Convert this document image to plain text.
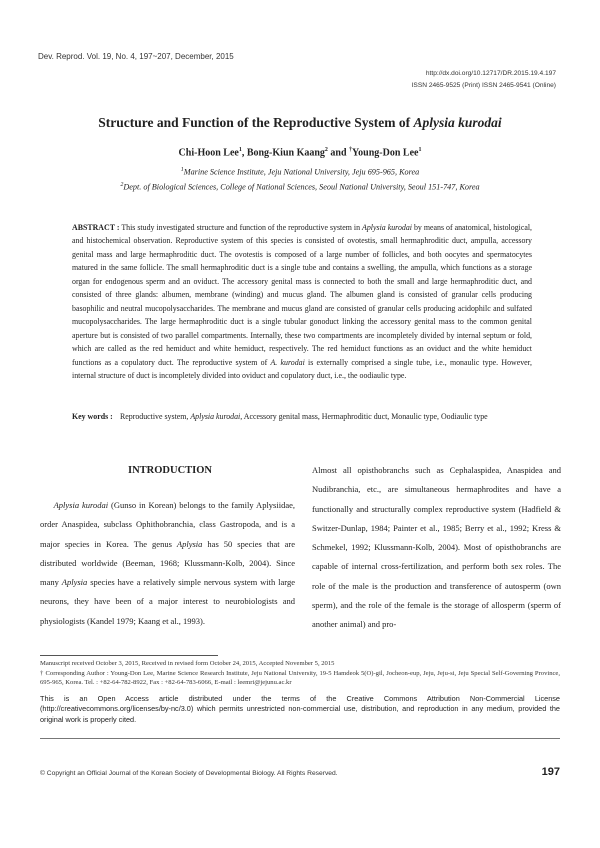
Dev. Reprod. Vol. 19, No. 4, 197~207, December, 2015
http://dx.doi.org/10.12717/DR.2015.19.4.197
ISSN 2465-9525 (Print) ISSN 2465-9541 (Online)
Structure and Function of the Reproductive System of Aplysia kurodai
Chi-Hoon Lee$^1$, Bong-Kiun Kaang$^2$ and †Young-Don Lee$^1$
$^1$Marine Science Institute, Jeju National University, Jeju 695-965, Korea
$^2$Dept. of Biological Sciences, College of National Sciences, Seoul National University, Seoul 151-747, Korea
ABSTRACT : This study investigated structure and function of the reproductive system in Aplysia kurodai by means of anatomical, histological, and histochemical observation. Reproductive system of this species is consisted of ovotestis, small hermaphroditic duct, ampulla, accessory genital mass and large hermaphroditic duct. The ovotestis is composed of a large number of follicles, and both oocytes and spermatocytes matured in the same follicle. The small hermaphroditic duct is a single tube and contains a swelling, the ampulla, which functions as a storage organ for endogenous sperm and an oviduct. The accessory genital mass is connected to both the small and large hermaphroditic duct, and consisted of three glands: albumen, membrane (winding) and mucus gland. The albumen gland is consisted of granular cells producing basophilic and neutral mucopolysaccharides. The membrane and mucus gland are consisted of granular cells producing acidophilc and sulfated mucopolysaccharides. The large hermaphroditic duct is a single tubular gonoduct linking the accessory genital mass to the common genital aperture but is consisted of two parallel compartments. Internally, these two compartments are incompletely divided by internal septum or fold, which are called as the red hemiduct and white hemiduct, respectively. The red hemiduct functions as an oviduct and the white hemiduct functions as a copulatory duct. The reproductive system of A. kurodai is externally comprised a single tube, i.e., monaulic type. However, internal structure of duct is incompletely divided into oviduct and copulatory duct, i.e., the oodiaulic type.
Key words : Reproductive system, Aplysia kurodai, Accessory genital mass, Hermaphroditic duct, Monaulic type, Oodiaulic type
INTRODUCTION

Aplysia kurodai (Gunso in Korean) belongs to the family Aplysiidae, order Anaspidea, subclass Ophithobranchia, class Gastropoda, and is a major species in Korea. The genus Aplysia has 50 species that are distributed worldwide (Beeman, 1968; Klussmann-Kolb, 2004). Since many Aplysia species have a relatively simple nervous system with large neurons, they have been of a major interest to neurobiologists and physiologists (Kandel 1979; Kaang et al., 1993).

Almost all opisthobranchs such as Cephalaspidea, Anaspidea and Nudibranchia, etc., are simultaneous hermaphrodites and have a functionally and structurally complex reproductive system (Hadfield & Switzer-Dunlap, 1984; Painter et al., 1985; Berry et al., 1992; Kress & Schmekel, 1992; Klussmann-Kolb, 2004). Most of opisthobranchs are capable of internal cross-fertilization, and perform both sex roles. The role of the male is the production and transference of autosperm (own sperm), and the role of the female is the storage of allosperm (sperm of another animal) and pro-

Manuscript received October 3, 2015, Received in revised form October 24, 2015, Accepted November 5, 2015
† Corresponding Author : Young-Don Lee, Marine Science Research Institute, Jeju National University, 19-5 Hamdeok 5(O)-gil, Jocheon-eup, Jeju, Jeju-si, Jeju Special Self-Governing Province, 695-965, Korea. Tel. : +82-64-782-8922, Fax : +82-64-783-6066, E-mail : leemri@jejunu.ac.kr
This is an Open Access article distributed under the terms of the Creative Commons Attribution Non-Commercial License (http://creativecommons.org/licenses/by-nc/3.0) which permits unrestricted non-commercial use, distribution, and reproduction in any medium, provided the original work is properly cited.
© Copyright an Official Journal of the Korean Society of Developmental Biology. All Rights Reserved.	197
